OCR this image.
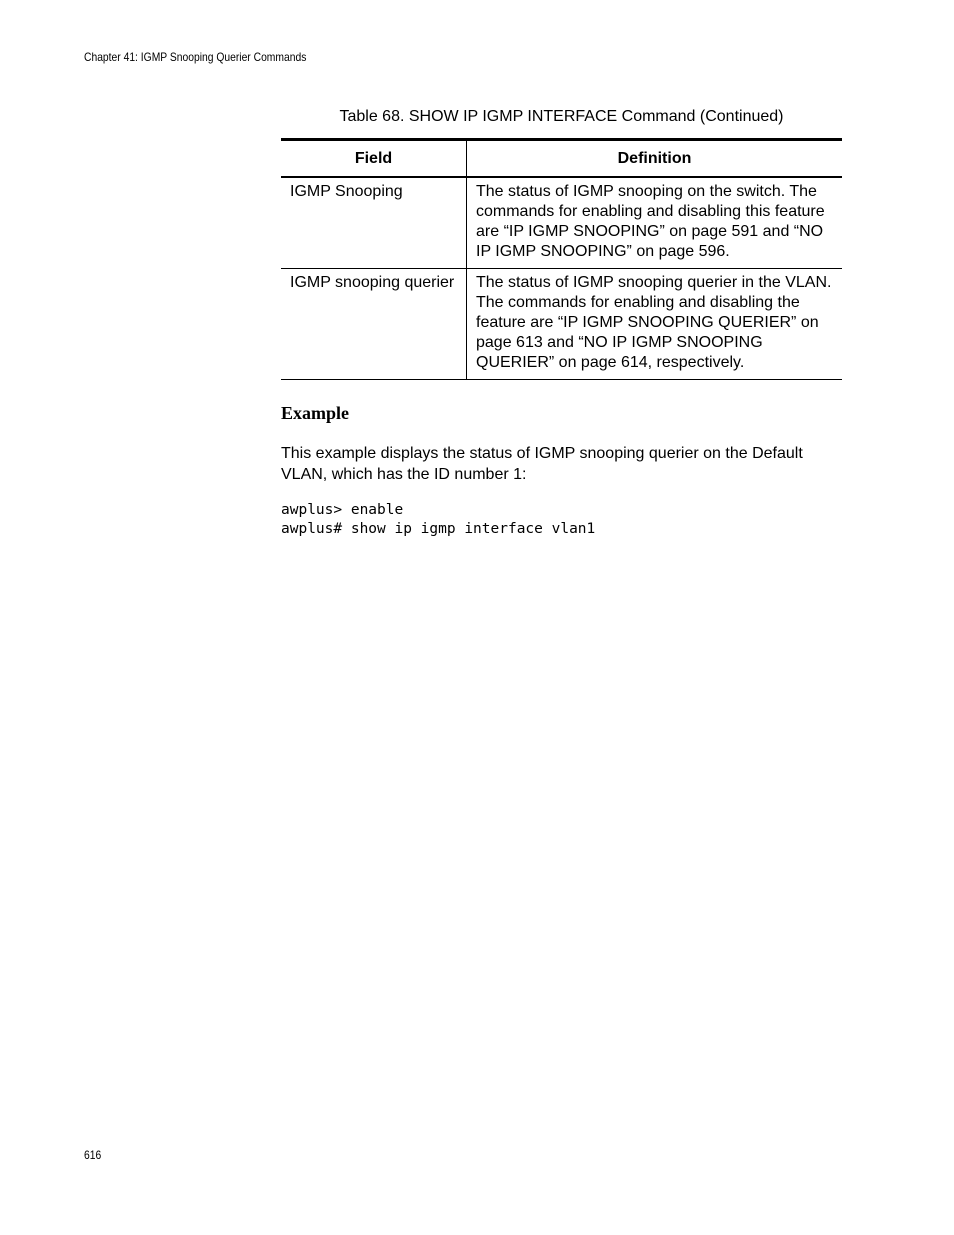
Chapter 41: IGMP Snooping Querier Commands
Table 68. SHOW IP IGMP INTERFACE Command (Continued)
Field	Definition
IGMP Snooping	The status of IGMP snooping on the switch. The commands for enabling and disabling this feature are “IP IGMP SNOOPING” on page 591 and “NO IP IGMP SNOOPING” on page 596.
IGMP snooping querier	The status of IGMP snooping querier in the VLAN. The commands for enabling and disabling the feature are “IP IGMP SNOOPING QUERIER” on page 613 and “NO IP IGMP SNOOPING QUERIER” on page 614, respectively.
Example

This example displays the status of IGMP snooping querier on the Default VLAN, which has the ID number 1:

awplus> enable
awplus# show ip igmp interface vlan1
616
